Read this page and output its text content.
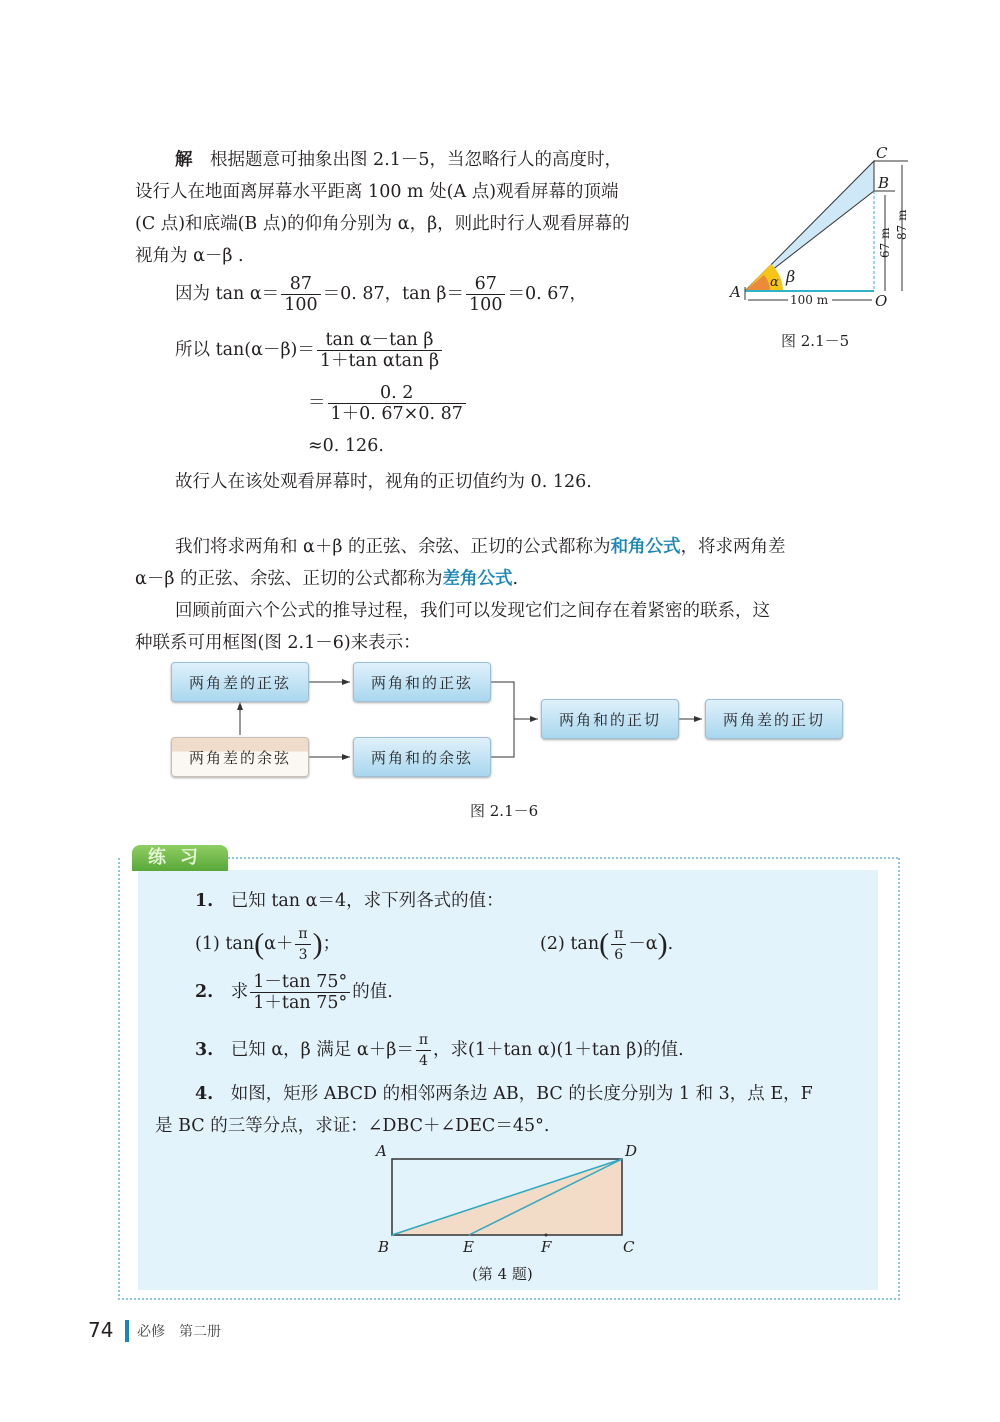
解　 根据题意可抽象出图 2.1－5，当忽略行人的高度时，
设行人在地面离屏幕水平距离 100 m 处(A 点)观看屏幕的顶端
(C 点)和底端(B 点)的仰角分别为 α，β，则此时行人观看屏幕的
视角为 α－β .
因为 $\tan \alpha= \frac{87}{100} =0$. 87，$\tan \beta= \frac{67}{100} =0$. 67，
所以 $\tan(\alpha-\beta)= \frac{\text{tan α－tan β}}{\text{1＋tan αtan β}}$
＝ $\frac{0. 2}{1+0. 67\times 0. 87}$
≈0. 126.
故行人在该处观看屏幕时，视角的正切值约为 0. 126.
C
B
A	O
α β
100 m
67 m
87 m
图 2.1－5
我们将求两角和 α＋β 的正弦、余弦、正切的公式都称为和角公式，将求两角差
α－β 的正弦、余弦、正切的公式都称为差角公式.
回顾前面六个公式的推导过程，我们可以发现它们之间存在着紧密的联系，这
种联系可用框图(图 2.1－6)来表示：
两角差的正弦	两角和的正弦
两角差的余弦	两角和的余弦
两角和的正切	两角差的正切
图 2.1－6
练习
1.　 已知 tan α＝4，求下列各式的值：
(1) $\tan(\alpha+ \frac{\pi}{3}$ )；	(2) $\tan( \frac{\pi}{6} -\alpha)$.
2.　 求 $\frac{1-\tan 75^\circ}{1+\tan 75^\circ}$ 的值.
3.　 已知 α，β 满足 $\alpha+\beta= \frac{\pi}{4}$ ，求(1＋tan α)(1＋tan β)的值.
4.　 如图，矩形 ABCD 的相邻两条边 AB，BC 的长度分别为 1 和 3，点 E，F
是 BC 的三等分点，求证：∠DBC＋∠DEC＝45°.
A	D
B	E	F	C
(第 4 题)
74 必修　第二册
